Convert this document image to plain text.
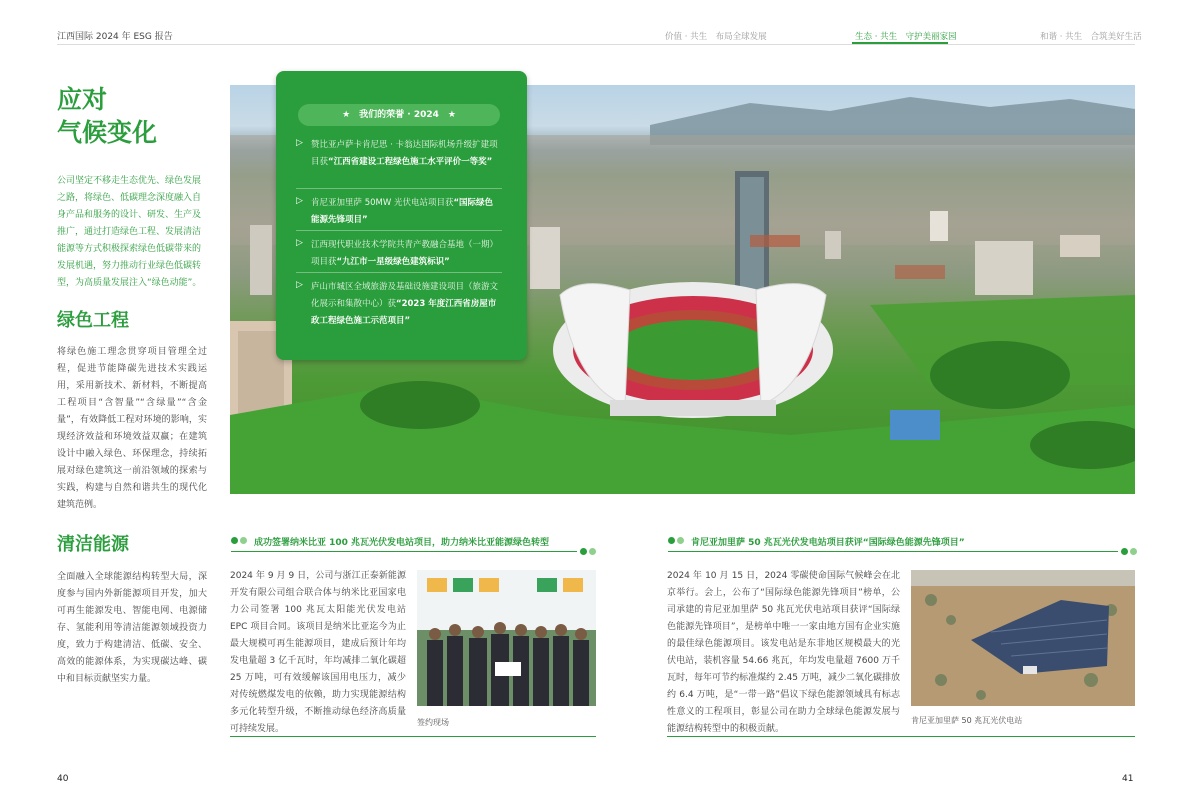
江西国际 2024 年 ESG 报告	价值 · 共生　布局全球发展	生态 · 共生　守护美丽家园	和谐 · 共生　合筑美好生活
应对
气候变化
公司坚定不移走生态优先、绿色发展之路，将绿色、低碳理念深度融入自身产品和服务的设计、研发、生产及推广，通过打造绿色工程、发展清洁能源等方式积极探索绿色低碳带来的发展机遇，努力推动行业绿色低碳转型，为高质量发展注入“绿色动能”。
绿色工程
将绿色施工理念贯穿项目管理全过程，促进节能降碳先进技术实践运用，采用新技术、新材料，不断提高工程项目“含智量”“含绿量”“含金量”，有效降低工程对环境的影响，实现经济效益和环境效益双赢；在建筑设计中融入绿色、环保理念，持续拓展对绿色建筑这一前沿领域的探索与实践，构建与自然和谐共生的现代化建筑范例。
清洁能源
全面融入全球能源结构转型大局，深度参与国内外新能源项目开发，加大可再生能源发电、智能电网、电源储存、氢能利用等清洁能源领域投资力度，致力于构建清洁、低碳、安全、高效的能源体系，为实现碳达峰、碳中和目标贡献坚实力量。
★　我们的荣誉 · 2024　★
▷ 赞比亚卢萨卡肯尼思 · 卡翁达国际机场升级扩建项目获“江西省建设工程绿色施工水平评价一等奖”
▷ 肯尼亚加里萨 50MW 光伏电站项目获“国际绿色能源先锋项目”
▷ 江西现代职业技术学院共青产教融合基地（一期）项目获“九江市一星级绿色建筑标识”
▷ 庐山市城区全域旅游及基础设施建设项目（旅游文化展示和集散中心）获“2023 年度江西省房屋市政工程绿色施工示范项目”
成功签署纳米比亚 100 兆瓦光伏发电站项目，助力纳米比亚能源绿色转型
2024 年 9 月 9 日，公司与浙江正泰新能源开发有限公司组合联合体与纳米比亚国家电力公司签署 100 兆瓦太阳能光伏发电站 EPC 项目合同。该项目是纳米比亚迄今为止最大规模可再生能源项目，建成后预计年均发电量超 3 亿千瓦时，年均减排二氧化碳超 25 万吨，可有效缓解该国用电压力，减少对传统燃煤发电的依赖，助力实现能源结构多元化转型升级，不断推动绿色经济高质量可持续发展。
签约现场
肯尼亚加里萨 50 兆瓦光伏发电站项目获评“国际绿色能源先锋项目”
2024 年 10 月 15 日，2024 零碳使命国际气候峰会在北京举行。会上，公布了“国际绿色能源先锋项目”榜单，公司承建的肯尼亚加里萨 50 兆瓦光伏电站项目获评“国际绿色能源先锋项目”，是榜单中唯一一家由地方国有企业实施的最佳绿色能源项目。该发电站是东非地区规模最大的光伏电站，装机容量 54.66 兆瓦，年均发电量超 7600 万千瓦时，每年可节约标准煤约 2.45 万吨，减少二氧化碳排放约 6.4 万吨，是“一带一路”倡议下绿色能源领域具有标志性意义的工程项目，彰显公司在助力全球绿色能源发展与能源结构转型中的积极贡献。
肯尼亚加里萨 50 兆瓦光伏电站
40	41
